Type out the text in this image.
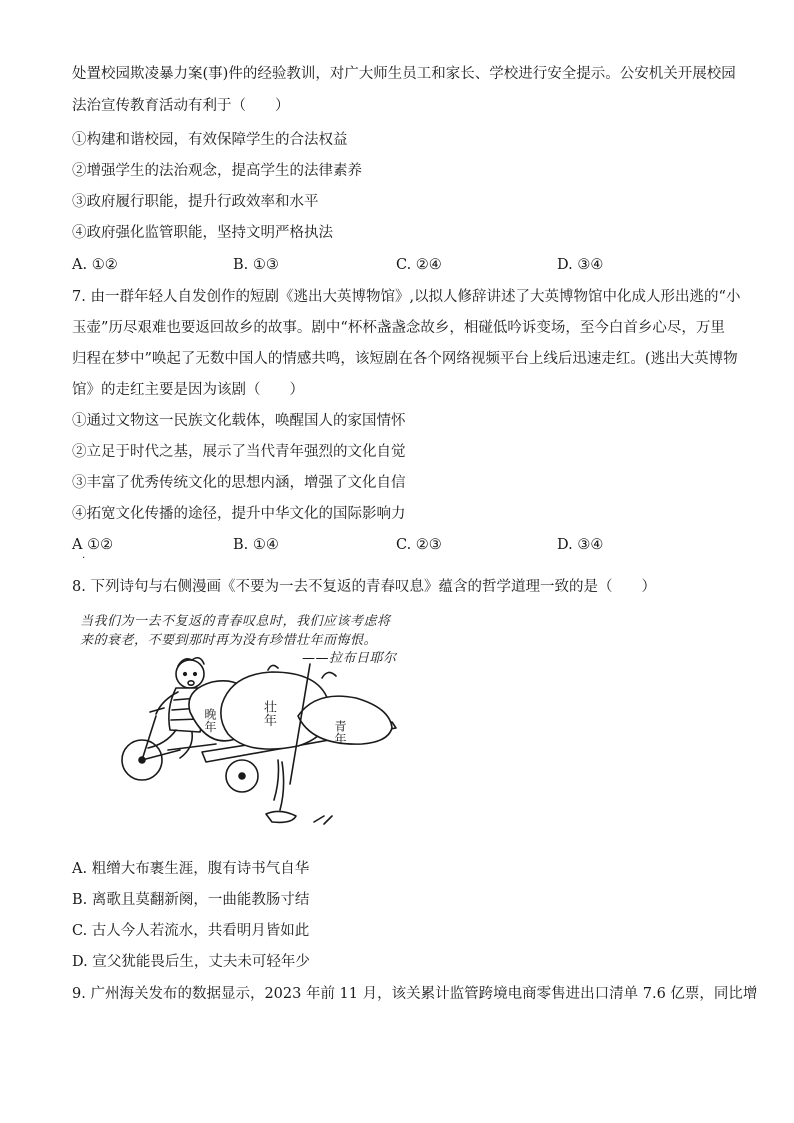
处置校园欺凌暴力案(事)件的经验教训，对广大师生员工和家长、学校进行安全提示。公安机关开展校园
法治宣传教育活动有利于（　　）
①构建和谐校园，有效保障学生的合法权益
②增强学生的法治观念，提高学生的法律素养
③政府履行职能，提升行政效率和水平
④政府强化监管职能，坚持文明严格执法
A. ①②	B. ①③	C. ②④	D. ③④
7. 由一群年轻人自发创作的短剧《逃出大英博物馆》,以拟人修辞讲述了大英博物馆中化成人形出逃的“小
玉壶”历尽艰难也要返回故乡的故事。剧中“杯杯盏盏念故乡，相碰低吟诉变场，至今白首乡心尽，万里
归程在梦中”唤起了无数中国人的情感共鸣，该短剧在各个网络视频平台上线后迅速走红。(逃出大英博物
馆》的走红主要是因为该剧（　　）
①通过文物这一民族文化载体，唤醒国人的家国情怀
②立足于时代之基，展示了当代青年强烈的文化自觉
③丰富了优秀传统文化的思想内涵，增强了文化自信
④拓宽文化传播的途径，提升中华文化的国际影响力
A ①②	B. ①④	C. ②③	D. ③④
·
8. 下列诗句与右侧漫画《不要为一去不复返的青春叹息》蕴含的哲学道理一致的是（　　）
当我们为一去不复返的青春叹息时，我们应该考虑将
来的衰老，不要到那时再为没有珍惜壮年而悔恨。
——拉布日耶尔
晚年	壮年
青年
A. 粗缯大布裹生涯，腹有诗书气自华
B. 离歌且莫翻新阕，一曲能教肠寸结
C. 古人今人若流水，共看明月皆如此
D. 宣父犹能畏后生，丈夫未可轻年少
9. 广州海关发布的数据显示，2023 年前 11 月，该关累计监管跨境电商零售进出口清单 7.6 亿票，同比增
